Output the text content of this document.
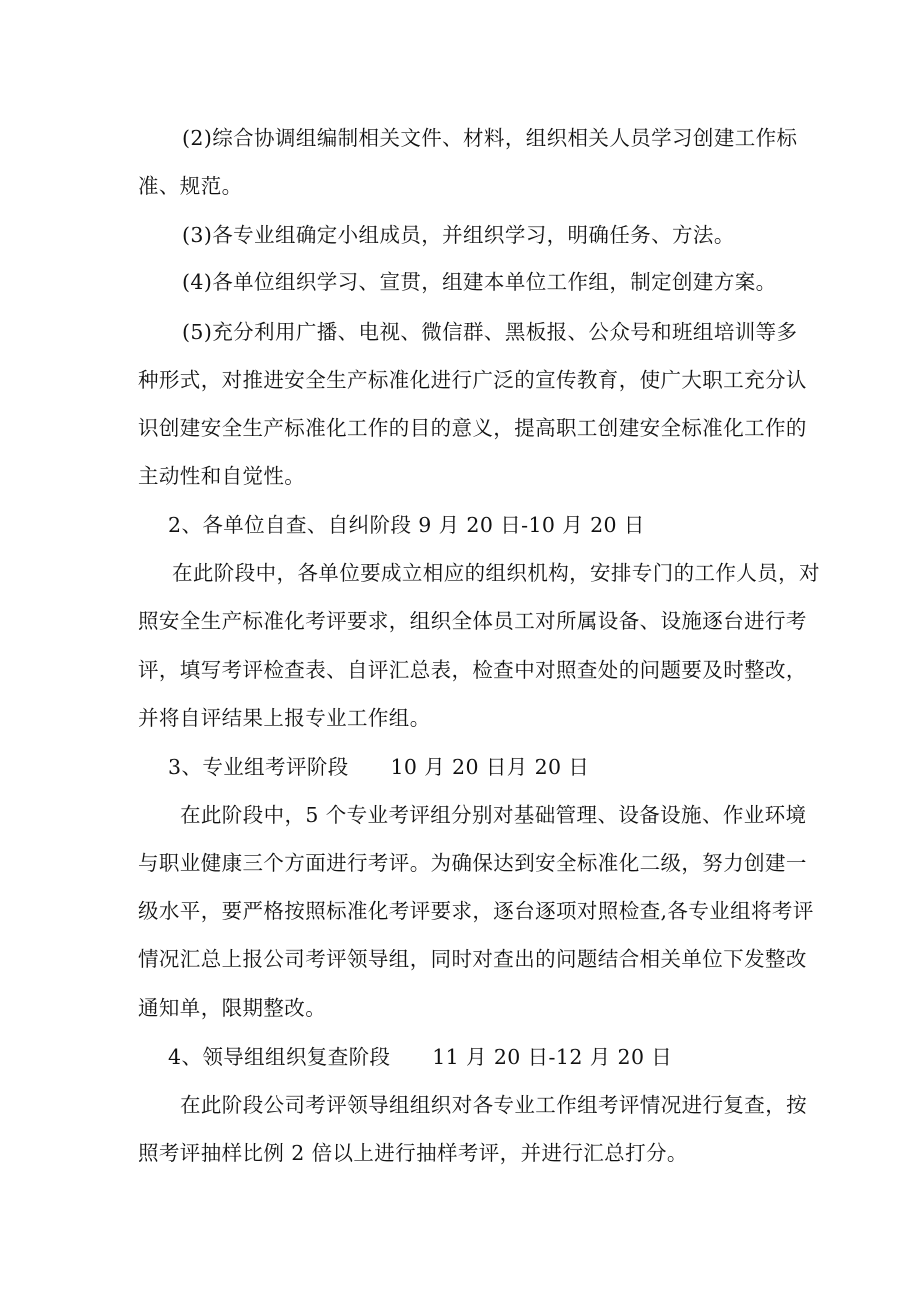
(2)综合协调组编制相关文件、材料，组织相关人员学习创建工作标

准、规范。

(3)各专业组确定小组成员，并组织学习，明确任务、方法。

(4)各单位组织学习、宣贯，组建本单位工作组，制定创建方案。

(5)充分利用广播、电视、微信群、黑板报、公众号和班组培训等多

种形式，对推进安全生产标准化进行广泛的宣传教育，使广大职工充分认

识创建安全生产标准化工作的目的意义，提高职工创建安全标准化工作的

主动性和自觉性。

2、各单位自查、自纠阶段 9 月 20 日-10 月 20 日

在此阶段中，各单位要成立相应的组织机构，安排专门的工作人员，对

照安全生产标准化考评要求，组织全体员工对所属设备、设施逐台进行考

评，填写考评检查表、自评汇总表，检查中对照查处的问题要及时整改，

并将自评结果上报专业工作组。

3、专业组考评阶段　　10 月 20 日月 20 日

在此阶段中，5 个专业考评组分别对基础管理、设备设施、作业环境

与职业健康三个方面进行考评。为确保达到安全标准化二级，努力创建一

级水平，要严格按照标准化考评要求，逐台逐项对照检查,各专业组将考评

情况汇总上报公司考评领导组，同时对查出的问题结合相关单位下发整改

通知单，限期整改。

4、领导组组织复查阶段　　11 月 20 日-12 月 20 日

在此阶段公司考评领导组组织对各专业工作组考评情况进行复查，按

照考评抽样比例 2 倍以上进行抽样考评，并进行汇总打分。
